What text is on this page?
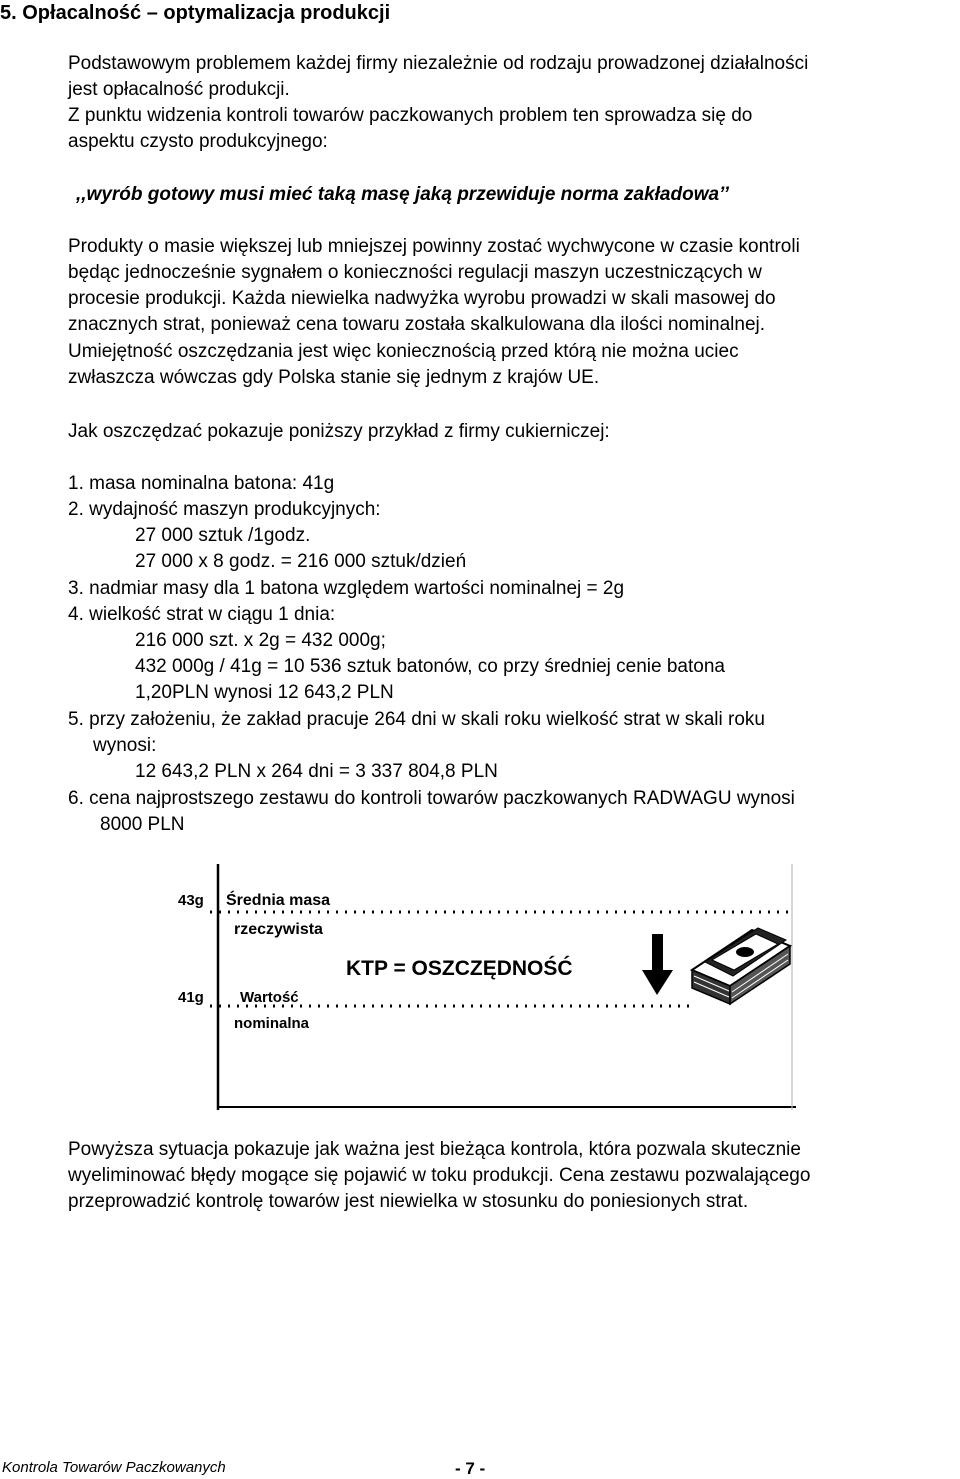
5. Opłacalność – optymalizacja produkcji
Podstawowym problemem każdej firmy niezależnie od rodzaju prowadzonej działalności
jest opłacalność produkcji.
Z punktu widzenia kontroli towarów paczkowanych problem ten sprowadza się do
aspektu czysto produkcyjnego:
,,wyrób gotowy musi mieć taką masę jaką przewiduje norma zakładowa’’
Produkty o masie większej lub mniejszej powinny zostać wychwycone w czasie kontroli
będąc jednocześnie sygnałem o konieczności regulacji maszyn uczestniczących w
procesie produkcji. Każda niewielka nadwyżka wyrobu prowadzi w skali masowej do
znacznych strat, ponieważ cena towaru została skalkulowana dla ilości nominalnej.
Umiejętność oszczędzania jest więc koniecznością przed którą nie można uciec
zwłaszcza wówczas gdy Polska stanie się jednym z krajów UE.
Jak oszczędzać pokazuje poniższy przykład z firmy cukierniczej:
1. masa nominalna batona: 41g
2. wydajność maszyn produkcyjnych:
27 000 sztuk /1godz.
27 000 x 8 godz. = 216 000 sztuk/dzień
3. nadmiar masy dla 1 batona względem wartości nominalnej = 2g
4. wielkość strat w ciągu 1 dnia:
216 000 szt. x 2g = 432 000g;
432 000g / 41g = 10 536 sztuk batonów, co przy średniej cenie batona
1,20PLN wynosi 12 643,2 PLN
5. przy założeniu, że zakład pracuje 264 dni w skali roku wielkość strat w skali roku
wynosi:
12 643,2 PLN x 264 dni = 3 337 804,8 PLN
6. cena najprostszego zestawu do kontroli towarów paczkowanych RADWAGU wynosi
8000 PLN
43g
41g
Średnia masa
rzeczywista
Wartość
nominalna
KTP = OSZCZĘDNOŚĆ
Powyższa sytuacja pokazuje jak ważna jest bieżąca kontrola, która pozwala skutecznie
wyeliminować błędy mogące się pojawić w toku produkcji. Cena zestawu pozwalającego
przeprowadzić kontrolę towarów jest niewielka w stosunku do poniesionych strat.
Kontrola Towarów Paczkowanych	- 7 -
